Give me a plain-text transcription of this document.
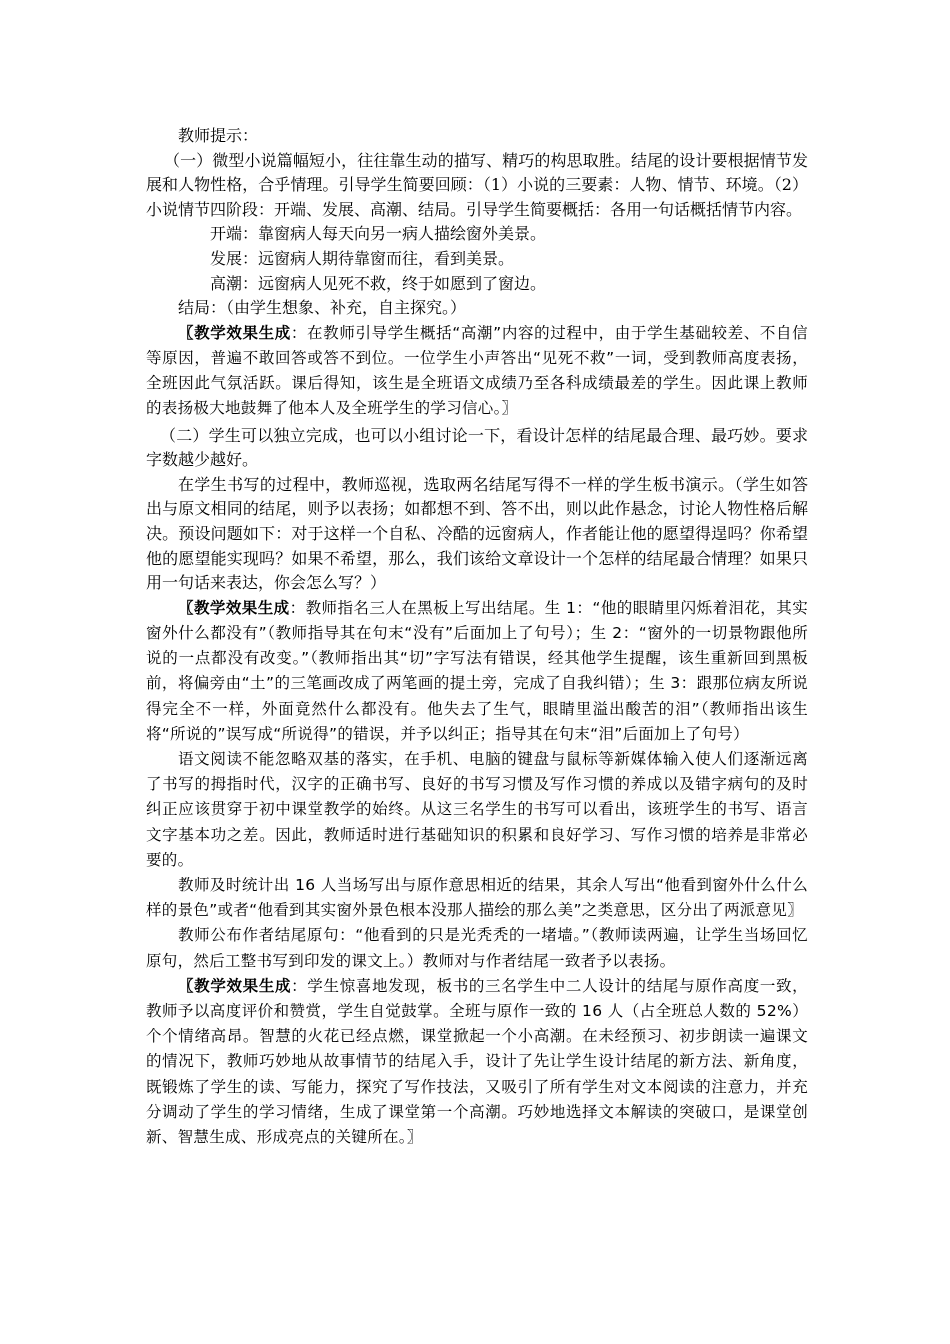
教师提示：

（一）微型小说篇幅短小，往往靠生动的描写、精巧的构思取胜。结尾的设计要根据情节发展和人物性格，合乎情理。引导学生简要回顾：（1）小说的三要素：人物、情节、环境。（2）小说情节四阶段：开端、发展、高潮、结局。引导学生简要概括：各用一句话概括情节内容。

开端：靠窗病人每天向另一病人描绘窗外美景。

发展：远窗病人期待靠窗而往，看到美景。

高潮：远窗病人见死不救，终于如愿到了窗边。

结局：（由学生想象、补充，自主探究。）

〖教学效果生成：在教师引导学生概括“高潮”内容的过程中，由于学生基础较差、不自信等原因，普遍不敢回答或答不到位。一位学生小声答出“见死不救”一词，受到教师高度表扬，全班因此气氛活跃。课后得知，该生是全班语文成绩乃至各科成绩最差的学生。因此课上教师的表扬极大地鼓舞了他本人及全班学生的学习信心。〗

（二）学生可以独立完成，也可以小组讨论一下，看设计怎样的结尾最合理、最巧妙。要求字数越少越好。

在学生书写的过程中，教师巡视，选取两名结尾写得不一样的学生板书演示。（学生如答出与原文相同的结尾，则予以表扬；如都想不到、答不出，则以此作悬念，讨论人物性格后解决。预设问题如下：对于这样一个自私、冷酷的远窗病人，作者能让他的愿望得逞吗？你希望他的愿望能实现吗？如果不希望，那么，我们该给文章设计一个怎样的结尾最合情理？如果只用一句话来表达，你会怎么写？）

〖教学效果生成：教师指名三人在黑板上写出结尾。生 1：“他的眼睛里闪烁着泪花，其实窗外什么都没有”（教师指导其在句末“没有”后面加上了句号）；生 2：“窗外的一切景物跟他所说的一点都没有改变。”（教师指出其“切”字写法有错误，经其他学生提醒，该生重新回到黑板前，将偏旁由“土”的三笔画改成了两笔画的提土旁，完成了自我纠错）；生 3：跟那位病友所说得完全不一样，外面竟然什么都没有。他失去了生气，眼睛里溢出酸苦的泪”（教师指出该生将“所说的”误写成“所说得”的错误，并予以纠正；指导其在句末“泪”后面加上了句号）

语文阅读不能忽略双基的落实，在手机、电脑的键盘与鼠标等新媒体输入使人们逐渐远离了书写的拇指时代，汉字的正确书写、良好的书写习惯及写作习惯的养成以及错字病句的及时纠正应该贯穿于初中课堂教学的始终。从这三名学生的书写可以看出，该班学生的书写、语言文字基本功之差。因此，教师适时进行基础知识的积累和良好学习、写作习惯的培养是非常必要的。

教师及时统计出 16 人当场写出与原作意思相近的结果，其余人写出“他看到窗外什么什么样的景色”或者“他看到其实窗外景色根本没那人描绘的那么美”之类意思，区分出了两派意见〗

教师公布作者结尾原句：“他看到的只是光秃秃的一堵墙。”（教师读两遍，让学生当场回忆原句，然后工整书写到印发的课文上。）教师对与作者结尾一致者予以表扬。

〖教学效果生成：学生惊喜地发现，板书的三名学生中二人设计的结尾与原作高度一致，教师予以高度评价和赞赏，学生自觉鼓掌。全班与原作一致的 16 人（占全班总人数的 52%）个个情绪高昂。智慧的火花已经点燃，课堂掀起一个小高潮。在未经预习、初步朗读一遍课文的情况下，教师巧妙地从故事情节的结尾入手，设计了先让学生设计结尾的新方法、新角度，既锻炼了学生的读、写能力，探究了写作技法，又吸引了所有学生对文本阅读的注意力，并充分调动了学生的学习情绪，生成了课堂第一个高潮。巧妙地选择文本解读的突破口，是课堂创新、智慧生成、形成亮点的关键所在。〗
